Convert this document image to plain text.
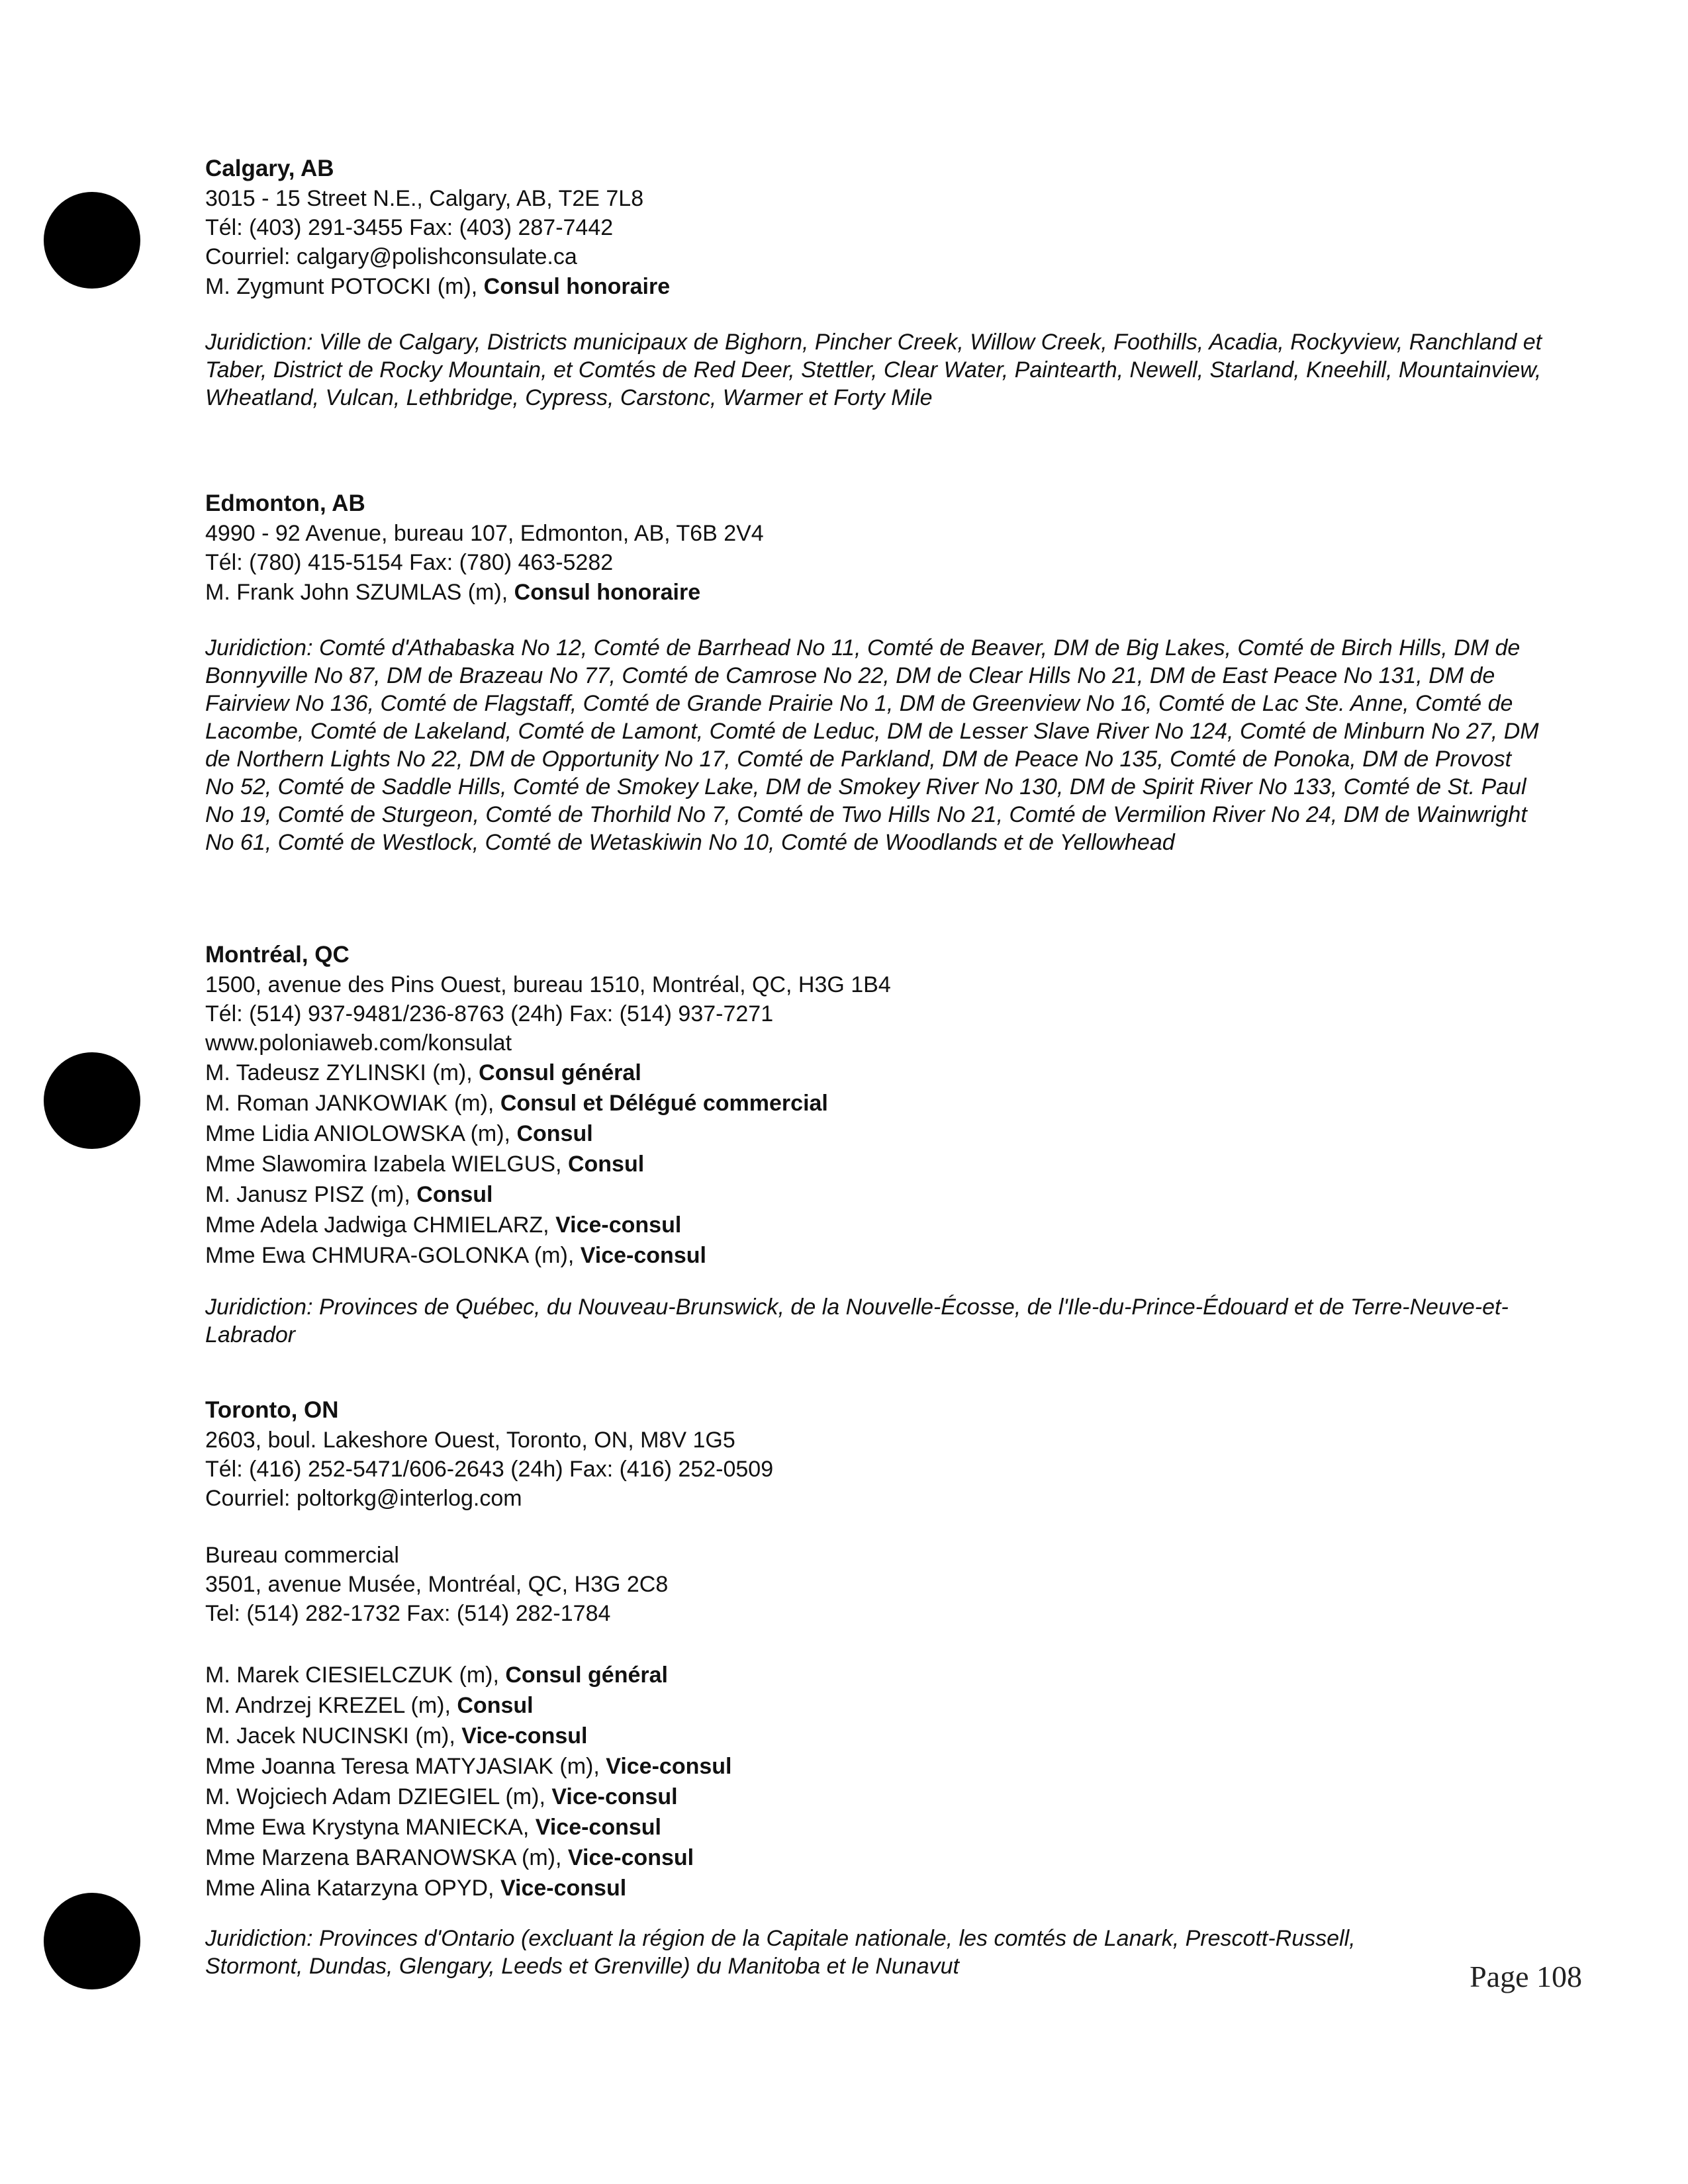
Calgary, AB
3015 - 15 Street N.E., Calgary, AB, T2E 7L8
Tél: (403) 291-3455 Fax: (403) 287-7442
Courriel: calgary@polishconsulate.ca
M. Zygmunt POTOCKI (m), Consul honoraire
Juridiction: Ville de Calgary, Districts municipaux de Bighorn, Pincher Creek, Willow Creek, Foothills, Acadia, Rockyview, Ranchland et Taber, District de Rocky Mountain, et Comtés de Red Deer, Stettler, Clear Water, Paintearth, Newell, Starland, Kneehill, Mountainview, Wheatland, Vulcan, Lethbridge, Cypress, Carstonc, Warmer et Forty Mile
Edmonton, AB
4990 - 92 Avenue, bureau 107, Edmonton, AB, T6B 2V4
Tél: (780) 415-5154 Fax: (780) 463-5282
M. Frank John SZUMLAS (m), Consul honoraire
Juridiction: Comté d'Athabaska No 12, Comté de Barrhead No 11, Comté de Beaver, DM de Big Lakes, Comté de Birch Hills, DM de Bonnyville No 87, DM de Brazeau No 77, Comté de Camrose No 22, DM de Clear Hills No 21, DM de East Peace No 131, DM de Fairview No 136, Comté de Flagstaff, Comté de Grande Prairie No 1, DM de Greenview No 16, Comté de Lac Ste. Anne, Comté de Lacombe, Comté de Lakeland, Comté de Lamont, Comté de Leduc, DM de Lesser Slave River No 124, Comté de Minburn No 27, DM de Northern Lights No 22, DM de Opportunity No 17, Comté de Parkland, DM de Peace No 135, Comté de Ponoka, DM de Provost No 52, Comté de Saddle Hills, Comté de Smokey Lake, DM de Smokey River No 130, DM de Spirit River No 133, Comté de St. Paul No 19, Comté de Sturgeon, Comté de Thorhild No 7, Comté de Two Hills No 21, Comté de Vermilion River No 24, DM de Wainwright No 61, Comté de Westlock, Comté de Wetaskiwin No 10, Comté de Woodlands et de Yellowhead
Montréal, QC
1500, avenue des Pins Ouest, bureau 1510, Montréal, QC, H3G 1B4
Tél: (514) 937-9481/236-8763 (24h) Fax: (514) 937-7271
www.poloniaweb.com/konsulat
M. Tadeusz ZYLINSKI (m), Consul général
M. Roman JANKOWIAK (m), Consul et Délégué commercial
Mme Lidia ANIOLOWSKA (m), Consul
Mme Slawomira Izabela WIELGUS, Consul
M. Janusz PISZ (m), Consul
Mme Adela Jadwiga CHMIELARZ, Vice-consul
Mme Ewa CHMURA-GOLONKA (m), Vice-consul
Juridiction: Provinces de Québec, du Nouveau-Brunswick, de la Nouvelle-Écosse, de l'Ile-du-Prince-Édouard et de Terre-Neuve-et-Labrador
Toronto, ON
2603, boul. Lakeshore Ouest, Toronto, ON, M8V 1G5
Tél: (416) 252-5471/606-2643 (24h) Fax: (416) 252-0509
Courriel: poltorkg@interlog.com
Bureau commercial
3501, avenue Musée, Montréal, QC, H3G 2C8
Tel: (514) 282-1732 Fax: (514) 282-1784
M. Marek CIESIELCZUK (m), Consul général
M. Andrzej KREZEL (m), Consul
M. Jacek NUCINSKI (m), Vice-consul
Mme Joanna Teresa MATYJASIAK (m), Vice-consul
M. Wojciech Adam DZIEGIEL (m), Vice-consul
Mme Ewa Krystyna MANIECKA, Vice-consul
Mme Marzena BARANOWSKA (m), Vice-consul
Mme Alina Katarzyna OPYD, Vice-consul
Juridiction: Provinces d'Ontario (excluant la région de la Capitale nationale, les comtés de Lanark, Prescott-Russell, Stormont, Dundas, Glengary, Leeds et Grenville) du Manitoba et le Nunavut	Page 108
